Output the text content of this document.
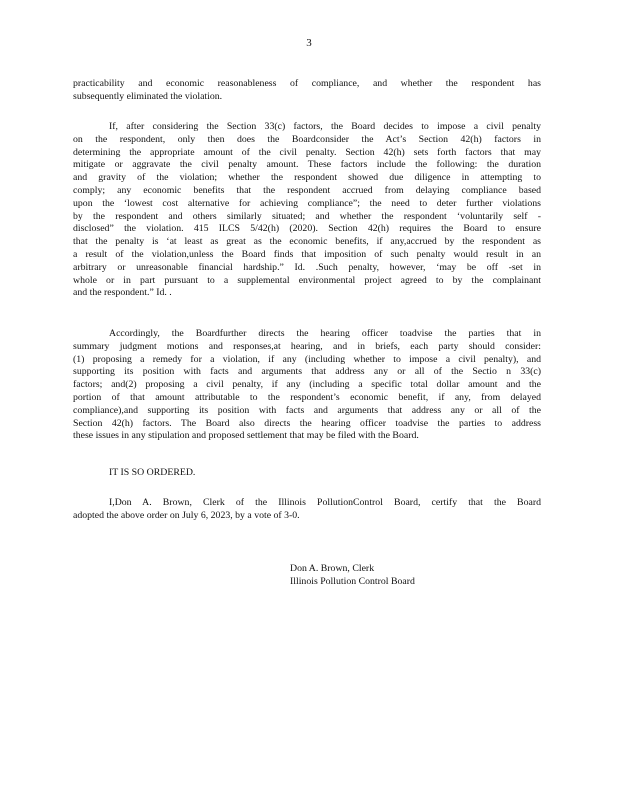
3
practicability and economic reasonableness of compliance, and whether the respondent has
subsequently eliminated the violation.
If, after considering the Section 33(c) factors, the Board decides to impose a civil penalty
on the respondent, only then does the Boardconsider the Act’s Section 42(h) factors in
determining the appropriate amount of the civil penalty. Section 42(h) sets forth factors that may
mitigate or aggravate the civil penalty amount. These factors include the following: the duration
and gravity of the violation; whether the respondent showed due diligence in attempting to
comply; any economic benefits that the respondent accrued from delaying compliance based
upon the ‘lowest cost alternative for achieving compliance”; the need to deter further violations
by the respondent and others similarly situated; and whether the respondent ‘voluntarily self -
disclosed” the violation. 415 ILCS 5/42(h) (2020). Section 42(h) requires the Board to ensure
that the penalty is ‘at least as great as the economic benefits, if any,accrued by the respondent as
a result of the violation,unless the Board finds that imposition of such penalty would result in an
arbitrary or unreasonable financial hardship.” Id. .Such penalty, however, ‘may be off -set in
whole or in part pursuant to a supplemental environmental project agreed to by the complainant
and the respondent.” Id. .
Accordingly, the Boardfurther directs the hearing officer toadvise the parties that in
summary judgment motions and responses,at hearing, and in briefs, each party should consider:
(1) proposing a remedy for a violation, if any (including whether to impose a civil penalty), and
supporting its position with facts and arguments that address any or all of the Sectio n 33(c)
factors; and(2) proposing a civil penalty, if any (including a specific total dollar amount and the
portion of that amount attributable to the respondent’s economic benefit, if any, from delayed
compliance),and supporting its position with facts and arguments that address any or all of the
Section 42(h) factors. The Board also directs the hearing officer toadvise the parties to address
these issues in any stipulation and proposed settlement that may be filed with the Board.
IT IS SO ORDERED.
I,Don A. Brown, Clerk of the Illinois PollutionControl Board, certify that the Board
adopted the above order on July 6, 2023, by a vote of 3-0.
Don A. Brown, Clerk
Illinois Pollution Control Board
